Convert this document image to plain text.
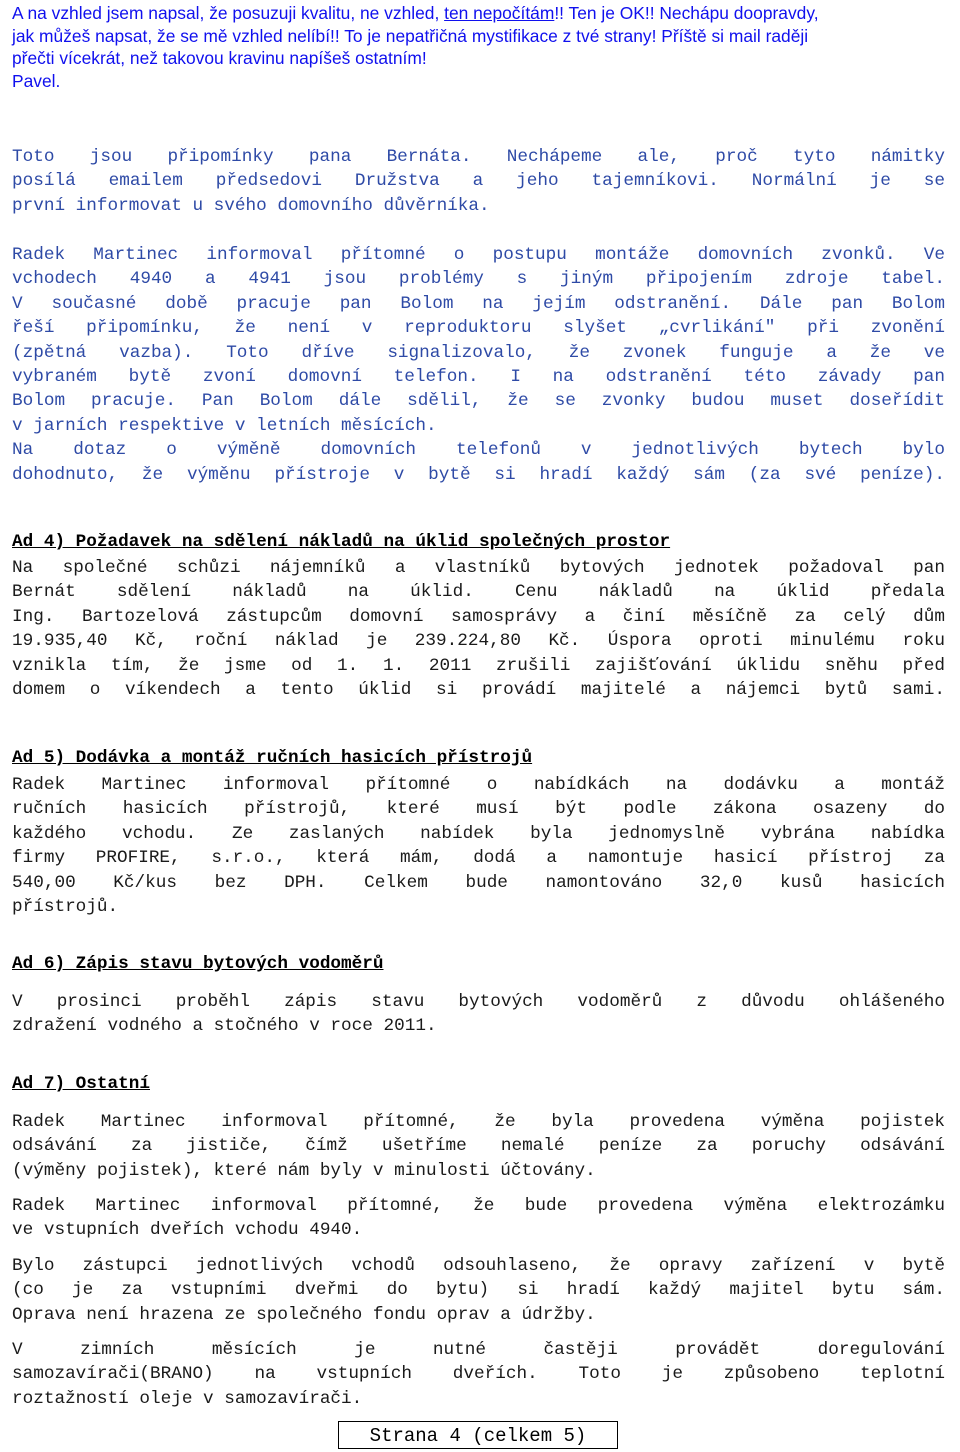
A na vzhled jsem napsal, že posuzuji kvalitu, ne vzhled, ten nepočítám!! Ten je OK!! Nechápu doopravdy,
jak můžeš napsat, že se mě vzhled nelíbí!! To je nepatřičná mystifikace z tvé strany! Příště si mail raději
přečti vícekrát, než takovou kravinu napíšeš ostatním!
Pavel.
Toto jsou připomínky pana Bernáta. Nechápeme ale, proč tyto námitky
posílá emailem předsedovi Družstva a jeho tajemníkovi. Normální je se
první informovat u svého domovního důvěrníka.
Radek Martinec informoval přítomné o postupu montáže domovních zvonků. Ve
vchodech 4940 a 4941 jsou problémy s jiným připojením zdroje tabel.
V současné době pracuje pan Bolom na jejím odstranění. Dále pan Bolom
řeší připomínku, že není v reproduktoru slyšet „cvrlikání" při zvonění
(zpětná vazba). Toto dříve signalizovalo, že zvonek funguje a že ve
vybraném bytě zvoní domovní telefon. I na odstranění této závady pan
Bolom pracuje. Pan Bolom dále sdělil, že se zvonky budou muset doseřídit
v jarních respektive v letních měsících.
Na dotaz o výměně domovních telefonů v jednotlivých bytech bylo
dohodnuto, že výměnu přístroje v bytě si hradí každý sám (za své peníze).
Ad 4) Požadavek na sdělení nákladů na úklid společných prostor
Na společné schůzi nájemníků a vlastníků bytových jednotek požadoval pan
Bernát sdělení nákladů na úklid. Cenu nákladů na úklid předala
Ing. Bartozelová zástupcům domovní samosprávy a činí měsíčně za celý dům
19.935,40 Kč, roční náklad je 239.224,80 Kč. Úspora oproti minulému roku
vznikla tím, že jsme od 1. 1. 2011 zrušili zajišťování úklidu sněhu před
domem o víkendech a tento úklid si provádí majitelé a nájemci bytů sami.
Ad 5) Dodávka a montáž ručních hasicích přístrojů
Radek Martinec informoval přítomné o nabídkách na dodávku a montáž
ručních hasicích přístrojů, které musí být podle zákona osazeny do
každého vchodu. Ze zaslaných nabídek byla jednomyslně vybrána nabídka
firmy PROFIRE, s.r.o., která mám, dodá a namontuje hasicí přístroj za
540,00 Kč/kus bez DPH. Celkem bude namontováno 32,0 kusů hasicích
přístrojů.
Ad 6) Zápis stavu bytových vodoměrů
V prosinci proběhl zápis stavu bytových vodoměrů z důvodu ohlášeného
zdražení vodného a stočného v roce 2011.
Ad 7) Ostatní
Radek Martinec informoval přítomné, že byla provedena výměna pojistek
odsávání za jističe, čímž ušetříme nemalé peníze za poruchy odsávání
(výměny pojistek), které nám byly v minulosti účtovány.
Radek Martinec informoval přítomné, že bude provedena výměna elektrozámku
ve vstupních dveřích vchodu 4940.
Bylo zástupci jednotlivých vchodů odsouhlaseno, že opravy zařízení v bytě
(co je za vstupními dveřmi do bytu) si hradí každý majitel bytu sám.
Oprava není hrazena ze společného fondu oprav a údržby.
V zimních měsících je nutné častěji provádět doregulování
samozavírači(BRANO) na vstupních dveřích. Toto je způsobeno teplotní
roztažností oleje v samozavírači.
Strana 4 (celkem 5)
